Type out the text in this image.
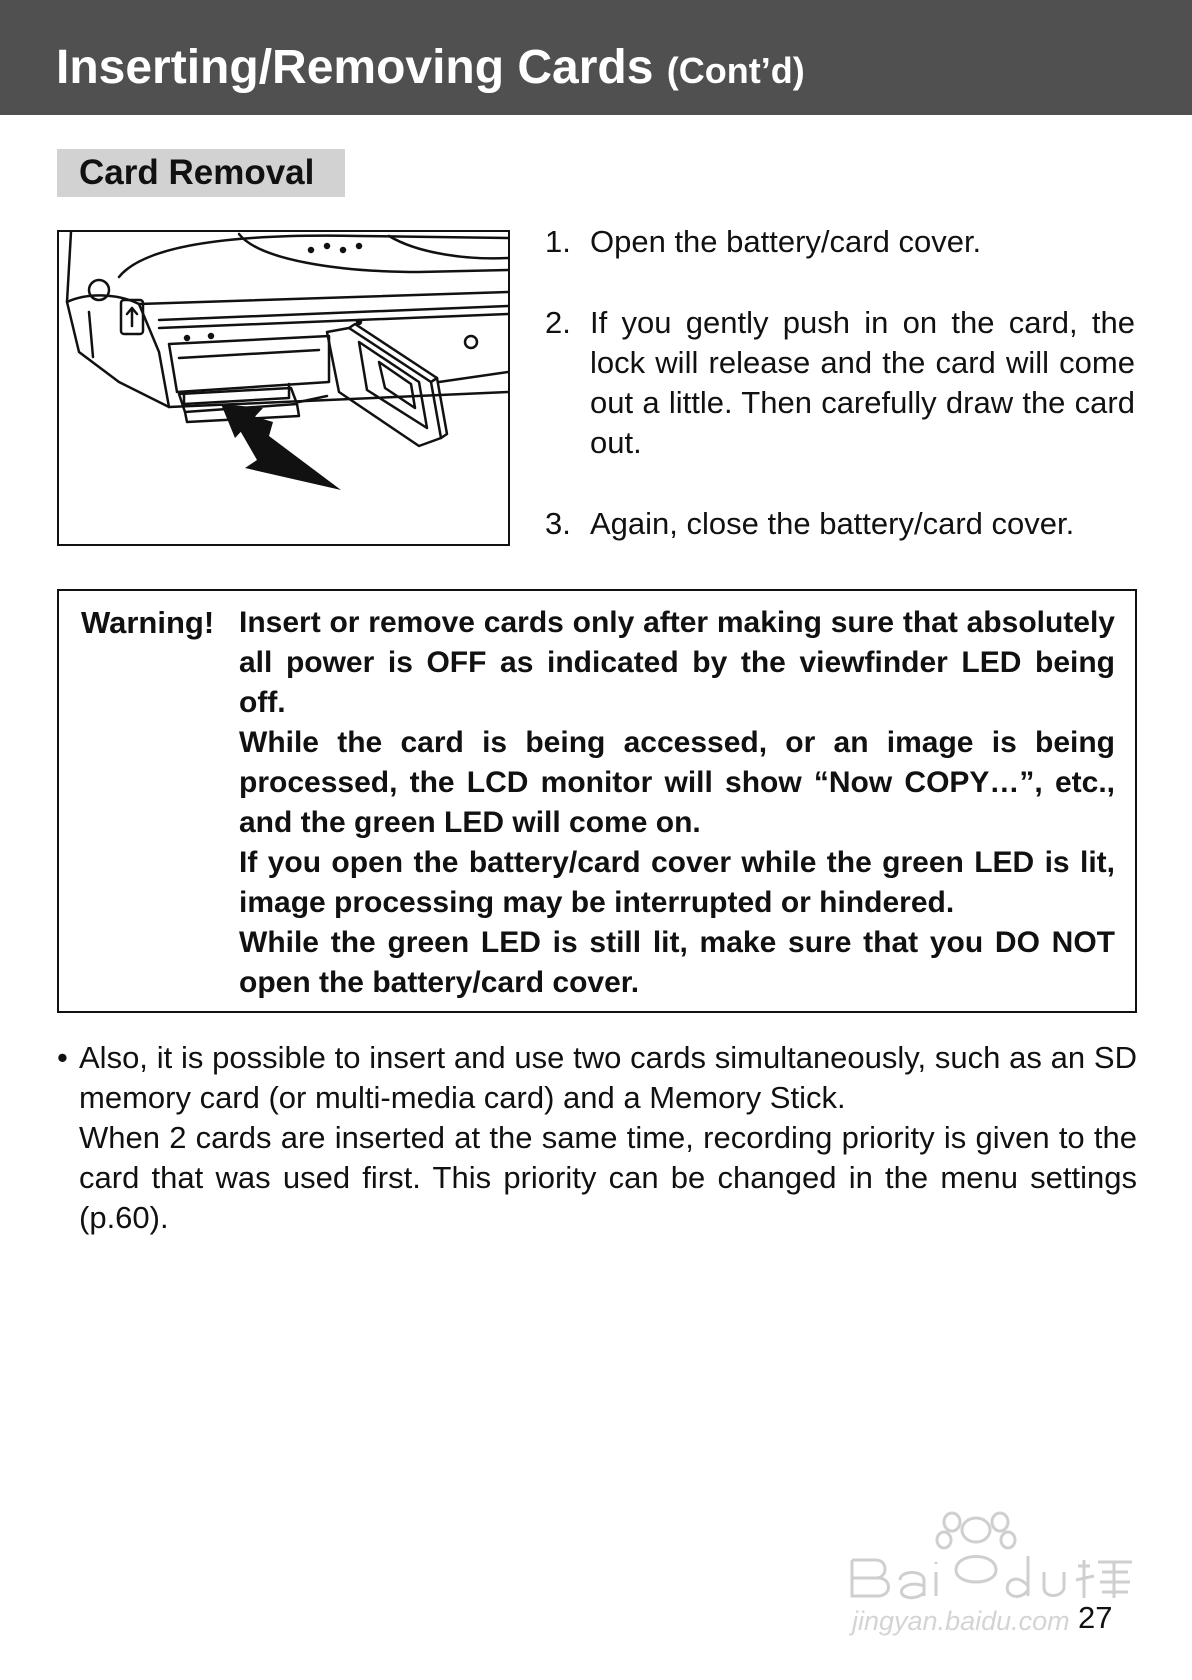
Inserting/Removing Cards (Cont’d)
Card Removal
1. Open the battery/card cover.
2. If you gently push in on the card, the lock will release and the card will come out a little. Then carefully draw the card out.
3. Again, close the battery/card cover.
Warning! Insert or remove cards only after making sure that absolutely all power is OFF as indicated by the viewfinder LED being off.

While the card is being accessed, or an image is being processed, the LCD monitor will show “Now COPY…”, etc., and the green LED will come on.

If you open the battery/card cover while the green LED is lit, image processing may be interrupted or hindered.

While the green LED is still lit, make sure that you DO NOT open the battery/card cover.

• Also, it is possible to insert and use two cards simultaneously, such as an SD memory card (or multi-media card) and a Memory Stick.

When 2 cards are inserted at the same time, recording priority is given to the card that was used first. This priority can be changed in the menu settings (p.60).

jingyan.baidu.com 27
